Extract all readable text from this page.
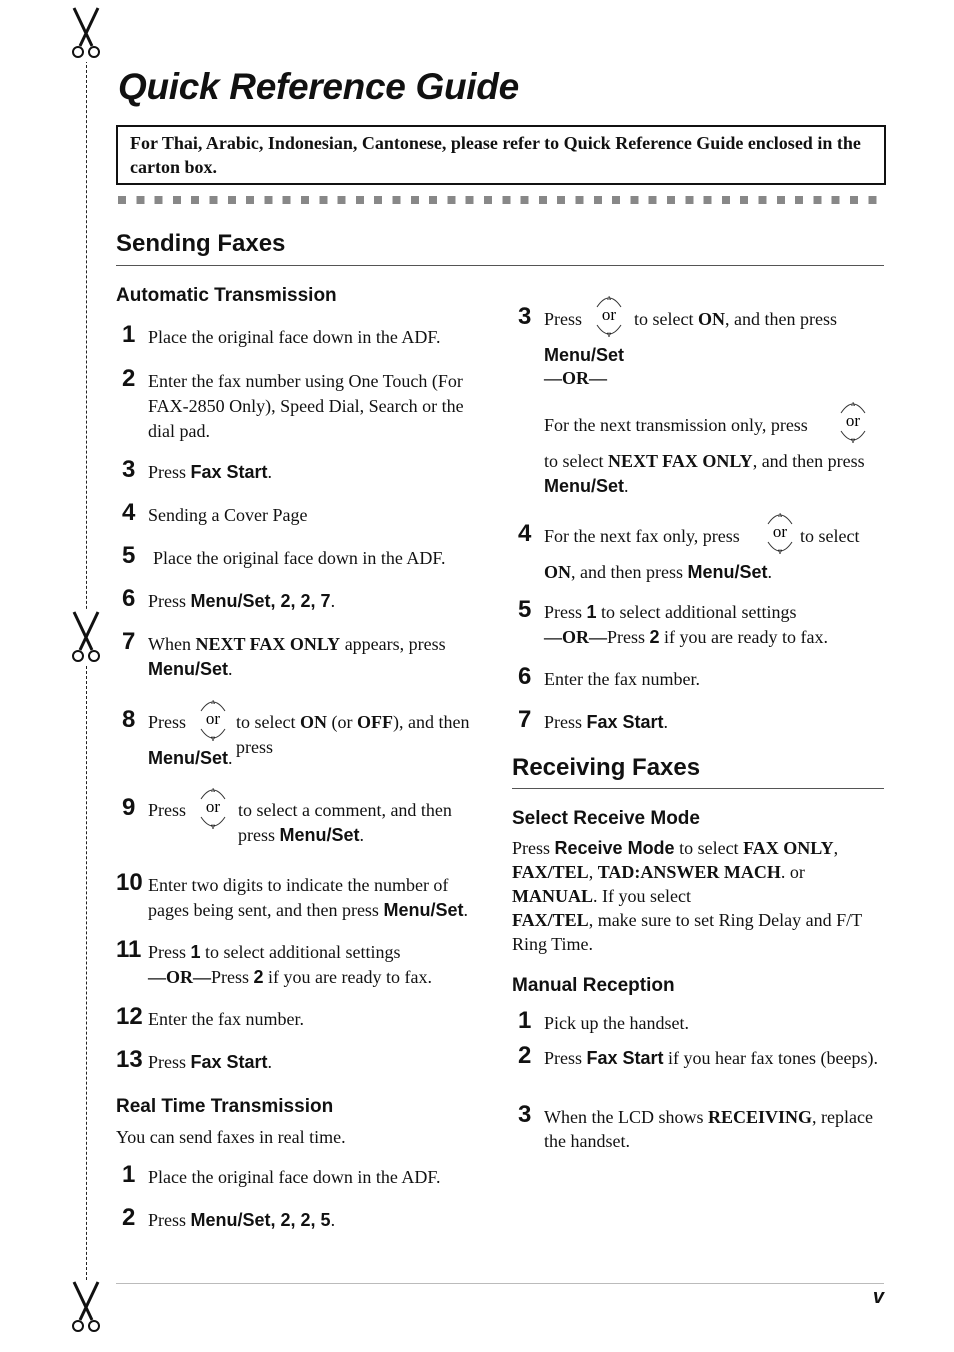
Quick Reference Guide
For Thai, Arabic, Indonesian, Cantonese, please refer to Quick Reference Guide enclosed in the carton box.
Sending Faxes
Automatic Transmission
1 Place the original face down in the ADF.
2 Enter the fax number using One Touch (For FAX-2850 Only), Speed Dial, Search or the dial pad.
3 Press Fax Start.
4 Sending a Cover Page
5 Place the original face down in the ADF.
6 Press Menu/Set, 2, 2, 7.
7 When NEXT FAX ONLY appears, press
Menu/Set.
8 Press
Δ
∇
or to select ON (or OFF), and then press
Menu/Set.
9 Press
Δ
∇
or to select a comment, and then press Menu/Set.
10 Enter two digits to indicate the number of pages being sent, and then press Menu/Set.
11 Press 1 to select additional settings
—OR—Press 2 if you are ready to fax.
12 Enter the fax number.
13 Press Fax Start.
Real Time Transmission
You can send faxes in real time.
1 Place the original face down in the ADF.
2 Press Menu/Set, 2, 2, 5.
3 Press
Δ
∇
or to select ON, and then press
Menu/Set
—OR—
For the next transmission only, press
Δ
∇
or
to select NEXT FAX ONLY, and then press Menu/Set.
4 For the next fax only, press
Δ
∇
or to select
ON, and then press Menu/Set.
5 Press 1 to select additional settings
—OR—Press 2 if you are ready to fax.
6 Enter the fax number.
7 Press Fax Start.
Receiving Faxes
Select Receive Mode
Press Receive Mode to select FAX ONLY, FAX/TEL, TAD:ANSWER MACH. or MANUAL. If you select
FAX/TEL, make sure to set Ring Delay and F/T Ring Time.
Manual Reception
1 Pick up the handset.
2 Press Fax Start if you hear fax tones (beeps).
3 When the LCD shows RECEIVING, replace the handset.
v
